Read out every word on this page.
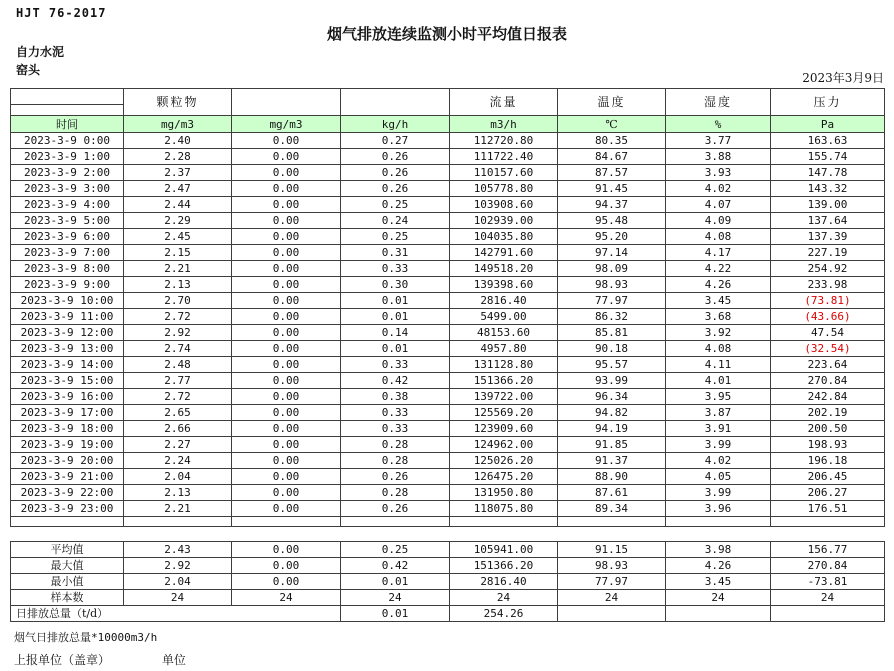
HJT 76-2017
烟气排放连续监测小时平均值日报表
自力水泥
窑头
2023年3月9日
	颗粒物			流量	温度	湿度	压力

时间	mg/m3	mg/m3	kg/h	m3/h	℃	%	Pa
2023-3-9 0:00	2.40	0.00	0.27	112720.80	80.35	3.77	163.63
2023-3-9 1:00	2.28	0.00	0.26	111722.40	84.67	3.88	155.74
2023-3-9 2:00	2.37	0.00	0.26	110157.60	87.57	3.93	147.78
2023-3-9 3:00	2.47	0.00	0.26	105778.80	91.45	4.02	143.32
2023-3-9 4:00	2.44	0.00	0.25	103908.60	94.37	4.07	139.00
2023-3-9 5:00	2.29	0.00	0.24	102939.00	95.48	4.09	137.64
2023-3-9 6:00	2.45	0.00	0.25	104035.80	95.20	4.08	137.39
2023-3-9 7:00	2.15	0.00	0.31	142791.60	97.14	4.17	227.19
2023-3-9 8:00	2.21	0.00	0.33	149518.20	98.09	4.22	254.92
2023-3-9 9:00	2.13	0.00	0.30	139398.60	98.93	4.26	233.98
2023-3-9 10:00	2.70	0.00	0.01	2816.40	77.97	3.45	(73.81)
2023-3-9 11:00	2.72	0.00	0.01	5499.00	86.32	3.68	(43.66)
2023-3-9 12:00	2.92	0.00	0.14	48153.60	85.81	3.92	47.54
2023-3-9 13:00	2.74	0.00	0.01	4957.80	90.18	4.08	(32.54)
2023-3-9 14:00	2.48	0.00	0.33	131128.80	95.57	4.11	223.64
2023-3-9 15:00	2.77	0.00	0.42	151366.20	93.99	4.01	270.84
2023-3-9 16:00	2.72	0.00	0.38	139722.00	96.34	3.95	242.84
2023-3-9 17:00	2.65	0.00	0.33	125569.20	94.82	3.87	202.19
2023-3-9 18:00	2.66	0.00	0.33	123909.60	94.19	3.91	200.50
2023-3-9 19:00	2.27	0.00	0.28	124962.00	91.85	3.99	198.93
2023-3-9 20:00	2.24	0.00	0.28	125026.20	91.37	4.02	196.18
2023-3-9 21:00	2.04	0.00	0.26	126475.20	88.90	4.05	206.45
2023-3-9 22:00	2.13	0.00	0.28	131950.80	87.61	3.99	206.27
2023-3-9 23:00	2.21	0.00	0.26	118075.80	89.34	3.96	176.51

平均值	2.43	0.00	0.25	105941.00	91.15	3.98	156.77
最大值	2.92	0.00	0.42	151366.20	98.93	4.26	270.84
最小值	2.04	0.00	0.01	2816.40	77.97	3.45	-73.81
样本数	24	24	24	24	24	24	24
日排放总量（t/d）			0.01	254.26			
烟气日排放总量*10000m3/h
上报单位（盖章）	单位
